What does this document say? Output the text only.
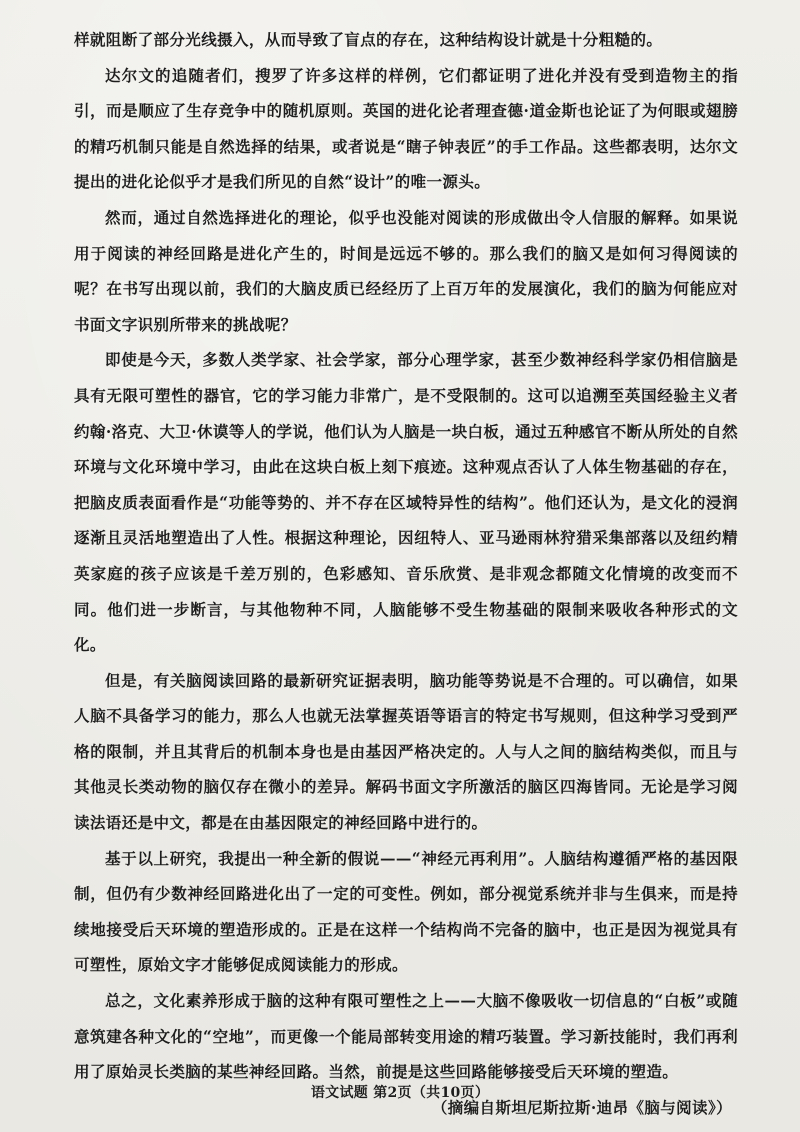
样就阻断了部分光线摄入，从而导致了盲点的存在，这种结构设计就是十分粗糙的。

达尔文的追随者们，搜罗了许多这样的样例，它们都证明了进化并没有受到造物主的指引，而是顺应了生存竞争中的随机原则。英国的进化论者理查德·道金斯也论证了为何眼或翅膀的精巧机制只能是自然选择的结果，或者说是“瞎子钟表匠”的手工作品。这些都表明，达尔文提出的进化论似乎才是我们所见的自然“设计”的唯一源头。

然而，通过自然选择进化的理论，似乎也没能对阅读的形成做出令人信服的解释。如果说用于阅读的神经回路是进化产生的，时间是远远不够的。那么我们的脑又是如何习得阅读的呢？在书写出现以前，我们的大脑皮质已经经历了上百万年的发展演化，我们的脑为何能应对书面文字识别所带来的挑战呢？

即使是今天，多数人类学家、社会学家，部分心理学家，甚至少数神经科学家仍相信脑是具有无限可塑性的器官，它的学习能力非常广，是不受限制的。这可以追溯至英国经验主义者约翰·洛克、大卫·休谟等人的学说，他们认为人脑是一块白板，通过五种感官不断从所处的自然环境与文化环境中学习，由此在这块白板上刻下痕迹。这种观点否认了人体生物基础的存在，把脑皮质表面看作是“功能等势的、并不存在区域特异性的结构”。他们还认为，是文化的浸润逐渐且灵活地塑造出了人性。根据这种理论，因纽特人、亚马逊雨林狩猎采集部落以及纽约精英家庭的孩子应该是千差万别的，色彩感知、音乐欣赏、是非观念都随文化情境的改变而不同。他们进一步断言，与其他物种不同，人脑能够不受生物基础的限制来吸收各种形式的文化。

但是，有关脑阅读回路的最新研究证据表明，脑功能等势说是不合理的。可以确信，如果人脑不具备学习的能力，那么人也就无法掌握英语等语言的特定书写规则，但这种学习受到严格的限制，并且其背后的机制本身也是由基因严格决定的。人与人之间的脑结构类似，而且与其他灵长类动物的脑仅存在微小的差异。解码书面文字所激活的脑区四海皆同。无论是学习阅读法语还是中文，都是在由基因限定的神经回路中进行的。

基于以上研究，我提出一种全新的假说——“神经元再利用”。人脑结构遵循严格的基因限制，但仍有少数神经回路进化出了一定的可变性。例如，部分视觉系统并非与生俱来，而是持续地接受后天环境的塑造形成的。正是在这样一个结构尚不完备的脑中，也正是因为视觉具有可塑性，原始文字才能够促成阅读能力的形成。

总之，文化素养形成于脑的这种有限可塑性之上——大脑不像吸收一切信息的“白板”或随意筑建各种文化的“空地”，而更像一个能局部转变用途的精巧装置。学习新技能时，我们再利用了原始灵长类脑的某些神经回路。当然，前提是这些回路能够接受后天环境的塑造。

（摘编自斯坦尼斯拉斯·迪昂《脑与阅读》）

语文试题 第2页（共10页）
